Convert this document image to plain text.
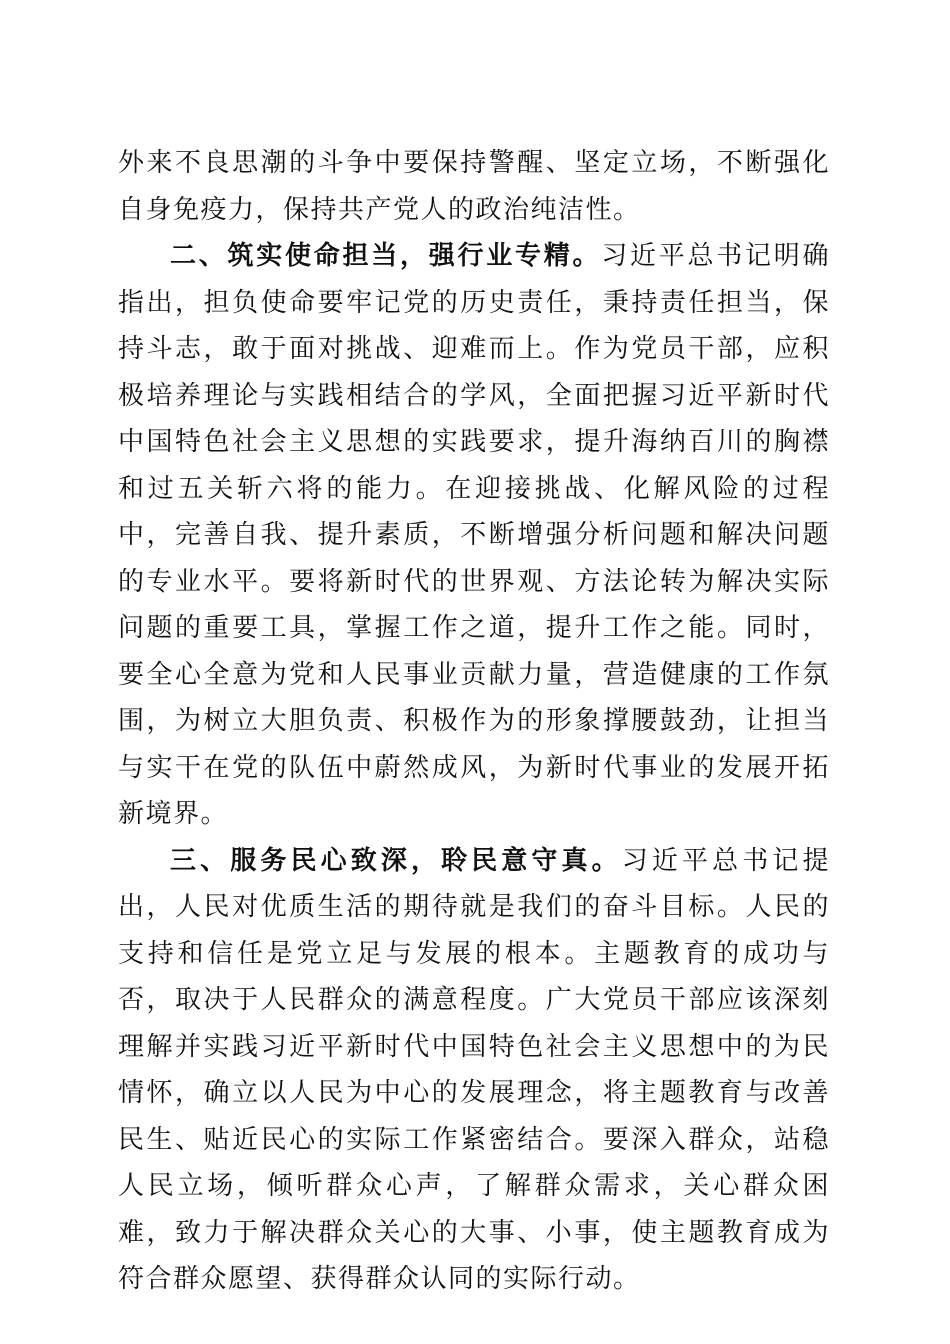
外来不良思潮的斗争中要保持警醒、坚定立场，不断强化自身免疫力，保持共产党人的政治纯洁性。

二、筑实使命担当，强行业专精。习近平总书记明确指出，担负使命要牢记党的历史责任，秉持责任担当，保持斗志，敢于面对挑战、迎难而上。作为党员干部，应积极培养理论与实践相结合的学风，全面把握习近平新时代中国特色社会主义思想的实践要求，提升海纳百川的胸襟和过五关斩六将的能力。在迎接挑战、化解风险的过程中，完善自我、提升素质，不断增强分析问题和解决问题的专业水平。要将新时代的世界观、方法论转为解决实际问题的重要工具，掌握工作之道，提升工作之能。同时，要全心全意为党和人民事业贡献力量，营造健康的工作氛围，为树立大胆负责、积极作为的形象撑腰鼓劲，让担当与实干在党的队伍中蔚然成风，为新时代事业的发展开拓新境界。

三、服务民心致深，聆民意守真。习近平总书记提出，人民对优质生活的期待就是我们的奋斗目标。人民的支持和信任是党立足与发展的根本。主题教育的成功与否，取决于人民群众的满意程度。广大党员干部应该深刻理解并实践习近平新时代中国特色社会主义思想中的为民情怀，确立以人民为中心的发展理念，将主题教育与改善民生、贴近民心的实际工作紧密结合。要深入群众，站稳人民立场，倾听群众心声，了解群众需求，关心群众困难，致力于解决群众关心的大事、小事，使主题教育成为符合群众愿望、获得群众认同的实际行动。
